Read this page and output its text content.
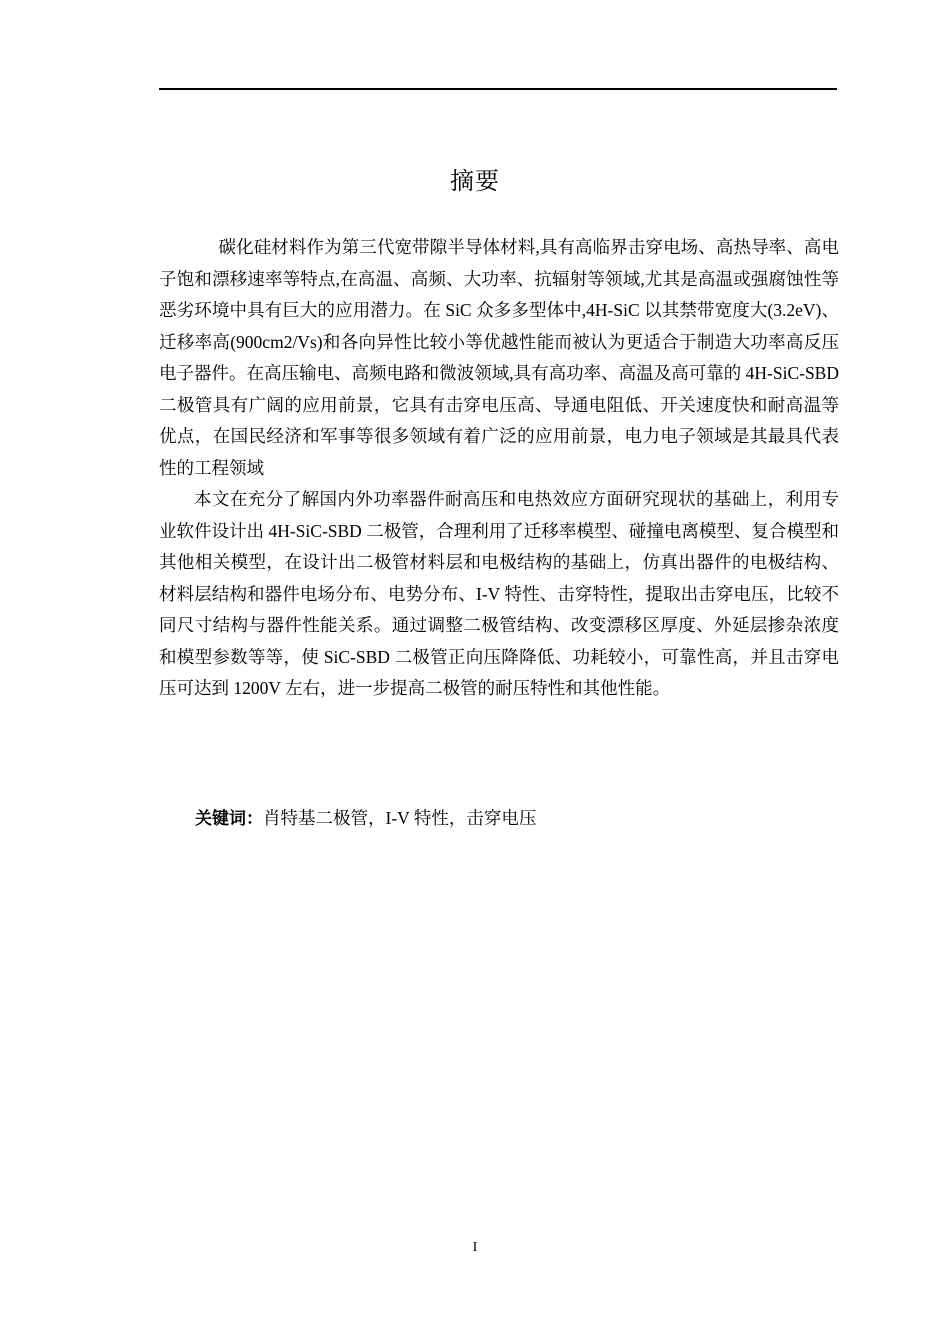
摘要

碳化硅材料作为第三代宽带隙半导体材料,具有高临界击穿电场、高热导率、高电子饱和漂移速率等特点,在高温、高频、大功率、抗辐射等领域,尤其是高温或强腐蚀性等恶劣环境中具有巨大的应用潜力。在 SiC 众多多型体中,4H-SiC 以其禁带宽度大(3.2eV)、迁移率高(900cm2/Vs)和各向异性比较小等优越性能而被认为更适合于制造大功率高反压电子器件。在高压输电、高频电路和微波领域,具有高功率、高温及高可靠的 4H-SiC-SBD 二极管具有广阔的应用前景，它具有击穿电压高、导通电阻低、开关速度快和耐高温等优点，在国民经济和军事等很多领域有着广泛的应用前景，电力电子领域是其最具代表性的工程领域

本文在充分了解国内外功率器件耐高压和电热效应方面研究现状的基础上，利用专业软件设计出 4H-SiC-SBD 二极管，合理利用了迁移率模型、碰撞电离模型、复合模型和其他相关模型，在设计出二极管材料层和电极结构的基础上，仿真出器件的电极结构、材料层结构和器件电场分布、电势分布、I-V 特性、击穿特性，提取出击穿电压，比较不同尺寸结构与器件性能关系。通过调整二极管结构、改变漂移区厚度、外延层掺杂浓度和模型参数等等，使 SiC-SBD 二极管正向压降降低、功耗较小，可靠性高，并且击穿电压可达到 1200V 左右，进一步提高二极管的耐压特性和其他性能。

关键词：肖特基二极管，I-V 特性，击穿电压
I
